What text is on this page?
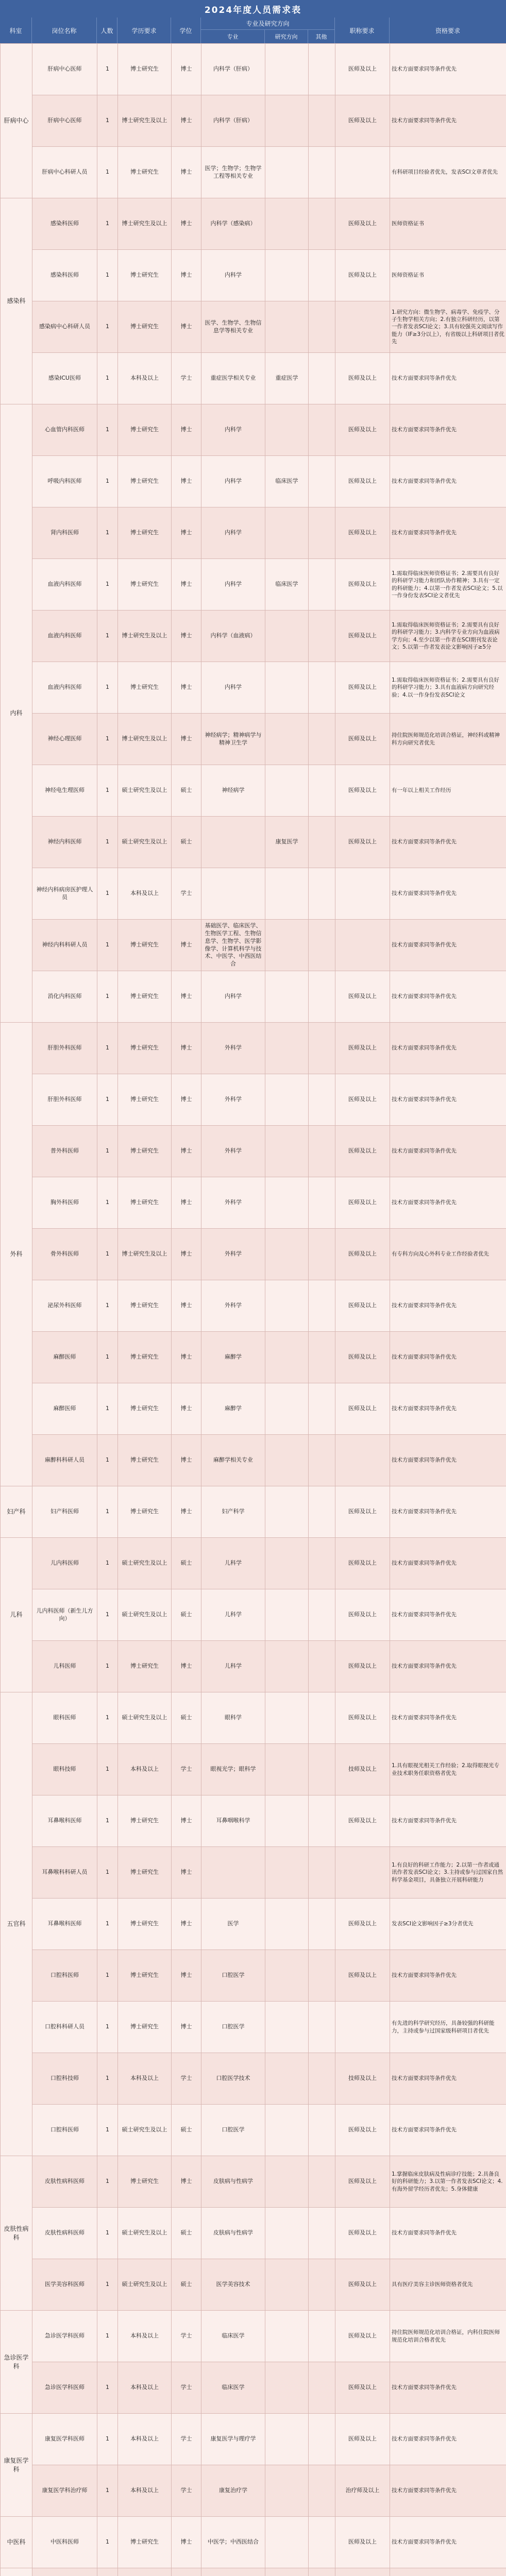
2024年度人员需求表
科室	岗位名称	人数	学历要求	学位
专业及研究方向
专业	研究方向	其他
职称要求	资格要求
肝病中心	肝病中心医师	1	博士研究生	博士	内科学（肝病）			医师及以上	技术方面要求同等条件优先
	肝病中心医师	1	博士研究生及以上	博士	内科学（肝病）			医师及以上	技术方面要求同等条件优先
	肝病中心科研人员	1	博士研究生	博士	医学；生物学；生物学工程等相关专业				有科研项目经验者优先，发表SCI文章者优先
感染科	感染科医师	1	博士研究生及以上	博士	内科学（感染病）			医师及以上	医师资格证书
	感染科医师	1	博士研究生	博士	内科学			医师及以上	医师资格证书
	感染病中心科研人员	1	博士研究生	博士	医学、生物学、生物信息学等相关专业				1.研究方向：微生物学、病毒学、免疫学、分子生物学相关方向；2.有独立科研经历，以第一作者发表SCI论文；3.具有较强英文阅读写作能力（IF≥3分以上），有省级以上科研项目者优先
	感染ICU医师	1	本科及以上	学士	重症医学相关专业	重症医学		医师及以上	技术方面要求同等条件优先
内科	心血管内科医师	1	博士研究生	博士	内科学			医师及以上	技术方面要求同等条件优先
	呼吸内科医师	1	博士研究生	博士	内科学	临床医学		医师及以上	技术方面要求同等条件优先
	肾内科医师	1	博士研究生	博士	内科学			医师及以上	技术方面要求同等条件优先
	血液内科医师	1	博士研究生	博士	内科学	临床医学		医师及以上	1.需取得临床医师资格证书；2.需要具有良好的科研学习能力和团队协作精神；3.具有一定的科研能力；4.以第一作者发表SCI论文；5.以一作身份发表SCI论文者优先
	血液内科医师	1	博士研究生及以上	博士	内科学（血液病）			医师及以上	1.需取得临床医师资格证书；2.需要具有良好的科研学习能力；3.内科学专业方向为血液病学方向；4.至少以第一作者在SCI期刊发表论文；5.以第一作者发表论文影响因子≥5分
	血液内科医师	1	博士研究生	博士	内科学			医师及以上	1.需取得临床医师资格证书；2.需要具有良好的科研学习能力；3.具有血液病方向研究经验；4.以一作身份发表SCI论文
	神经心理医师	1	博士研究生及以上	博士	神经病学；精神病学与精神卫生学			医师及以上	持住院医师规范化培训合格证，神经科或精神科方向研究者优先
	神经电生理医师	1	硕士研究生及以上	硕士	神经病学			医师及以上	有一年以上相关工作经历
	神经内科医师	1	硕士研究生及以上	硕士		康复医学		医师及以上	技术方面要求同等条件优先
	神经内科病房医护理人员	1	本科及以上	学士					技术方面要求同等条件优先
	神经内科科研人员	1	博士研究生	博士	基础医学、临床医学、生物医学工程、生物信息学、生物学、医学影像学、计算机科学与技术、中医学、中西医结合				技术方面要求同等条件优先
	消化内科医师	1	博士研究生	博士	内科学			医师及以上	技术方面要求同等条件优先
外科	肝胆外科医师	1	博士研究生	博士	外科学			医师及以上	技术方面要求同等条件优先
	肝胆外科医师	1	博士研究生	博士	外科学			医师及以上	技术方面要求同等条件优先
	普外科医师	1	博士研究生	博士	外科学			医师及以上	技术方面要求同等条件优先
	胸外科医师	1	博士研究生	博士	外科学			医师及以上	技术方面要求同等条件优先
	骨外科医师	1	博士研究生及以上	博士	外科学			医师及以上	有专科方向及心外科专业工作经验者优先
	泌尿外科医师	1	博士研究生	博士	外科学			医师及以上	技术方面要求同等条件优先
	麻醉医师	1	博士研究生	博士	麻醉学			医师及以上	技术方面要求同等条件优先
	麻醉医师	1	博士研究生	博士	麻醉学			医师及以上	技术方面要求同等条件优先
	麻醉科科研人员	1	博士研究生	博士	麻醉学相关专业				技术方面要求同等条件优先
妇产科	妇产科医师	1	博士研究生	博士	妇产科学			医师及以上	技术方面要求同等条件优先
儿科	儿内科医师	1	硕士研究生及以上	硕士	儿科学			医师及以上	技术方面要求同等条件优先
	儿内科医师（新生儿方向）	1	硕士研究生及以上	硕士	儿科学			医师及以上	技术方面要求同等条件优先
	儿科医师	1	博士研究生	博士	儿科学			医师及以上	技术方面要求同等条件优先
五官科	眼科医师	1	硕士研究生及以上	硕士	眼科学			医师及以上	技术方面要求同等条件优先
	眼科技师	1	本科及以上	学士	眼视光学；眼科学			技师及以上	1.具有眼视光相关工作经验；2.取得眼视光专业技术职务任职资格者优先
	耳鼻喉科医师	1	博士研究生	博士	耳鼻咽喉科学			医师及以上	技术方面要求同等条件优先
	耳鼻喉科科研人员	1	博士研究生	博士					1.有良好的科研工作能力；2.以第一作者或通讯作者发表SCI论文；3.主持或参与过国家自然科学基金项目，具备独立开展科研能力
	耳鼻喉科医师	1	博士研究生	博士	医学			医师及以上	发表SCI论文影响因子≥3分者优先
	口腔科医师	1	博士研究生	博士	口腔医学			医师及以上	技术方面要求同等条件优先
	口腔科科研人员	1	博士研究生	博士	口腔医学				有先进的科学研究经历，具备较强的科研能力，主持或参与过国家级科研项目者优先
	口腔科技师	1	本科及以上	学士	口腔医学技术			技师及以上	技术方面要求同等条件优先
	口腔科医师	1	硕士研究生及以上	硕士	口腔医学			医师及以上	技术方面要求同等条件优先
皮肤性病科	皮肤性病科医师	1	博士研究生	博士	皮肤病与性病学			医师及以上	1.掌握临床皮肤病及性病诊疗技能；2.具备良好的科研能力；3.以第一作者发表SCI论文；4.有海外留学经历者优先；5.身体健康
	皮肤性病科医师	1	硕士研究生及以上	硕士	皮肤病与性病学			医师及以上	技术方面要求同等条件优先
	医学美容科医师	1	硕士研究生及以上	硕士	医学美容技术			医师及以上	具有医疗美容主诊医师资格者优先
急诊医学科	急诊医学科医师	1	本科及以上	学士	临床医学			医师及以上	持住院医师规范化培训合格证，内科住院医师规范化培训合格者优先
	急诊医学科医师	1	本科及以上	学士	临床医学			医师及以上	技术方面要求同等条件优先
康复医学科	康复医学科医师	1	本科及以上	学士	康复医学与理疗学			医师及以上	技术方面要求同等条件优先
	康复医学科治疗师	1	本科及以上	学士	康复治疗学			治疗师及以上	技术方面要求同等条件优先
中医科	中医科医师	1	博士研究生	博士	中医学；中西医结合			医师及以上	技术方面要求同等条件优先
